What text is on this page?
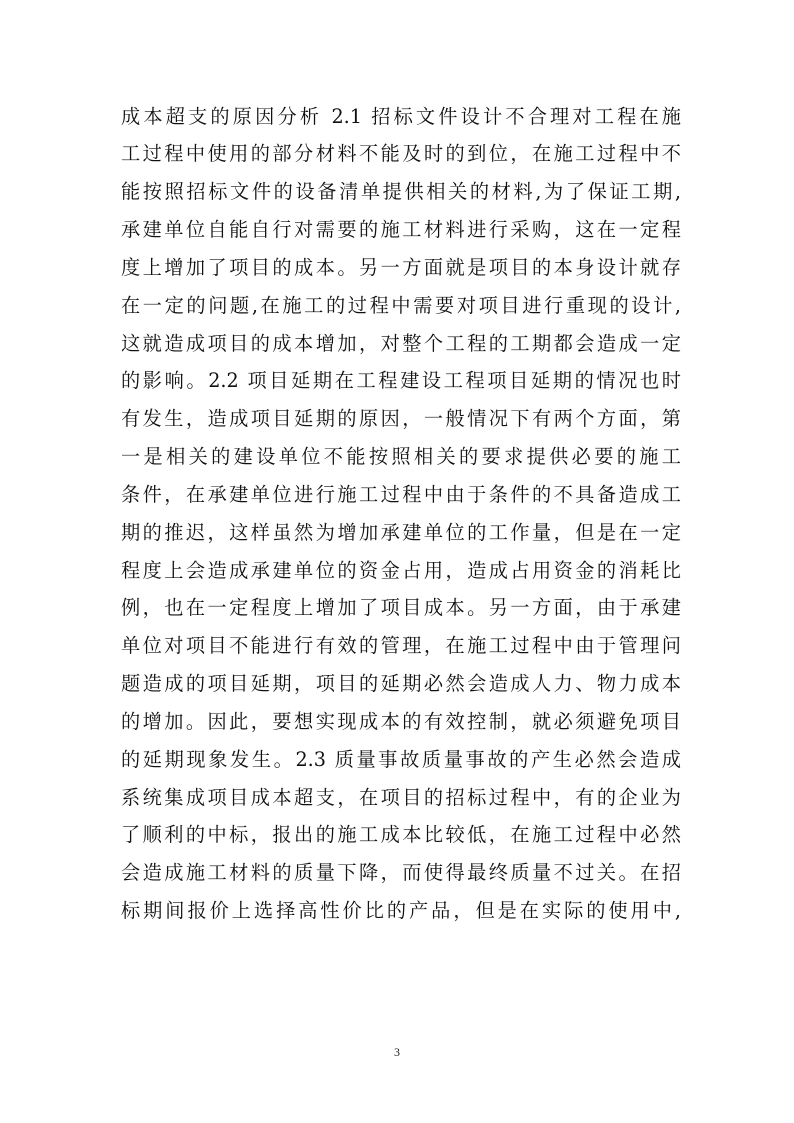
成本超支的原因分析 2.1 招标文件设计不合理对工程在施
工过程中使用的部分材料不能及时的到位，在施工过程中不
能按照招标文件的设备清单提供相关的材料,为了保证工期,
承建单位自能自行对需要的施工材料进行采购，这在一定程
度上增加了项目的成本。另一方面就是项目的本身设计就存
在一定的问题,在施工的过程中需要对项目进行重现的设计,
这就造成项目的成本增加，对整个工程的工期都会造成一定
的影响。2.2 项目延期在工程建设工程项目延期的情况也时
有发生，造成项目延期的原因，一般情况下有两个方面，第
一是相关的建设单位不能按照相关的要求提供必要的施工
条件，在承建单位进行施工过程中由于条件的不具备造成工
期的推迟，这样虽然为增加承建单位的工作量，但是在一定
程度上会造成承建单位的资金占用，造成占用资金的消耗比
例，也在一定程度上增加了项目成本。另一方面，由于承建
单位对项目不能进行有效的管理，在施工过程中由于管理问
题造成的项目延期，项目的延期必然会造成人力、物力成本
的增加。因此，要想实现成本的有效控制，就必须避免项目
的延期现象发生。2.3 质量事故质量事故的产生必然会造成
系统集成项目成本超支，在项目的招标过程中，有的企业为
了顺利的中标，报出的施工成本比较低，在施工过程中必然
会造成施工材料的质量下降，而使得最终质量不过关。在招
标期间报价上选择高性价比的产品，但是在实际的使用中,
3
